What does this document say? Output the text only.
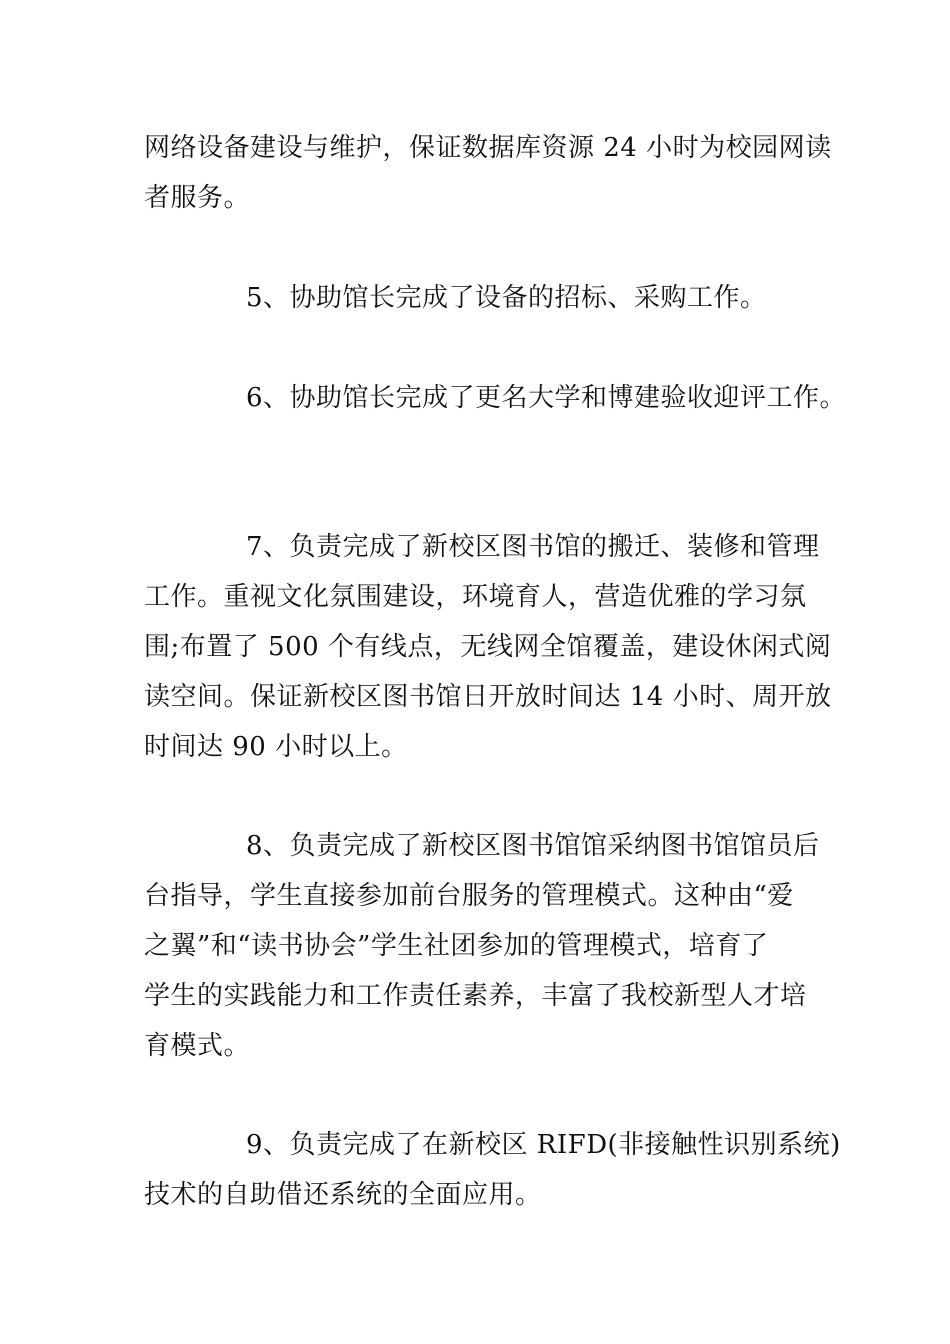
网络设备建设与维护，保证数据库资源 24 小时为校园网读
者服务。
5、协助馆长完成了设备的招标、采购工作。
6、协助馆长完成了更名大学和博建验收迎评工作。
7、负责完成了新校区图书馆的搬迁、装修和管理
工作。重视文化氛围建设，环境育人，营造优雅的学习氛
围;布置了 500 个有线点，无线网全馆覆盖，建设休闲式阅
读空间。保证新校区图书馆日开放时间达 14 小时、周开放
时间达 90 小时以上。
8、负责完成了新校区图书馆馆采纳图书馆馆员后
台指导，学生直接参加前台服务的管理模式。这种由“爱
之翼”和“读书协会”学生社团参加的管理模式，培育了
学生的实践能力和工作责任素养，丰富了我校新型人才培
育模式。
9、负责完成了在新校区 RIFD(非接触性识别系统)
技术的自助借还系统的全面应用。
